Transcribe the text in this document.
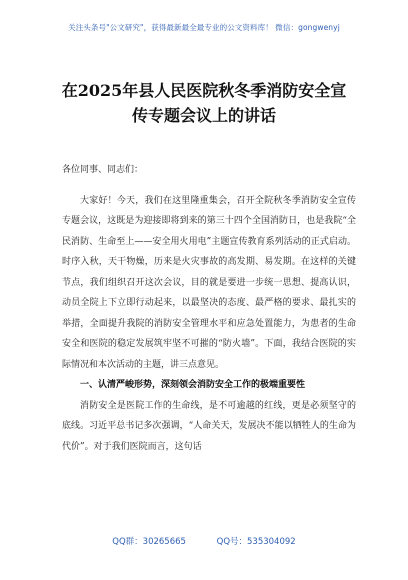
关注头条号"公文研究"，获得最新最全最专业的公文资料库！ 微信：gongwenyj
在2025年县人民医院秋冬季消防安全宣
传专题会议上的讲话

各位同事、同志们：

大家好！今天，我们在这里隆重集会，召开全院秋冬季消防安全宣传专题会议，这既是为迎接即将到来的第三十四个全国消防日，也是我院“全民消防、生命至上——安全用火用电”主题宣传教育系列活动的正式启动。时序入秋，天干物燥，历来是火灾事故的高发期、易发期。在这样的关键节点，我们组织召开这次会议，目的就是要进一步统一思想、提高认识，动员全院上下立即行动起来，以最坚决的态度、最严格的要求、最扎实的举措，全面提升我院的消防安全管理水平和应急处置能力，为患者的生命安全和医院的稳定发展筑牢坚不可摧的“防火墙”。下面，我结合医院的实际情况和本次活动的主题，讲三点意见。

一、认清严峻形势，深刻领会消防安全工作的极端重要性

消防安全是医院工作的生命线，是不可逾越的红线，更是必须坚守的底线。习近平总书记多次强调，“人命关天，发展决不能以牺牲人的生命为代价”。对于我们医院而言，这句话

QQ群：30265665	QQ号：535304092
